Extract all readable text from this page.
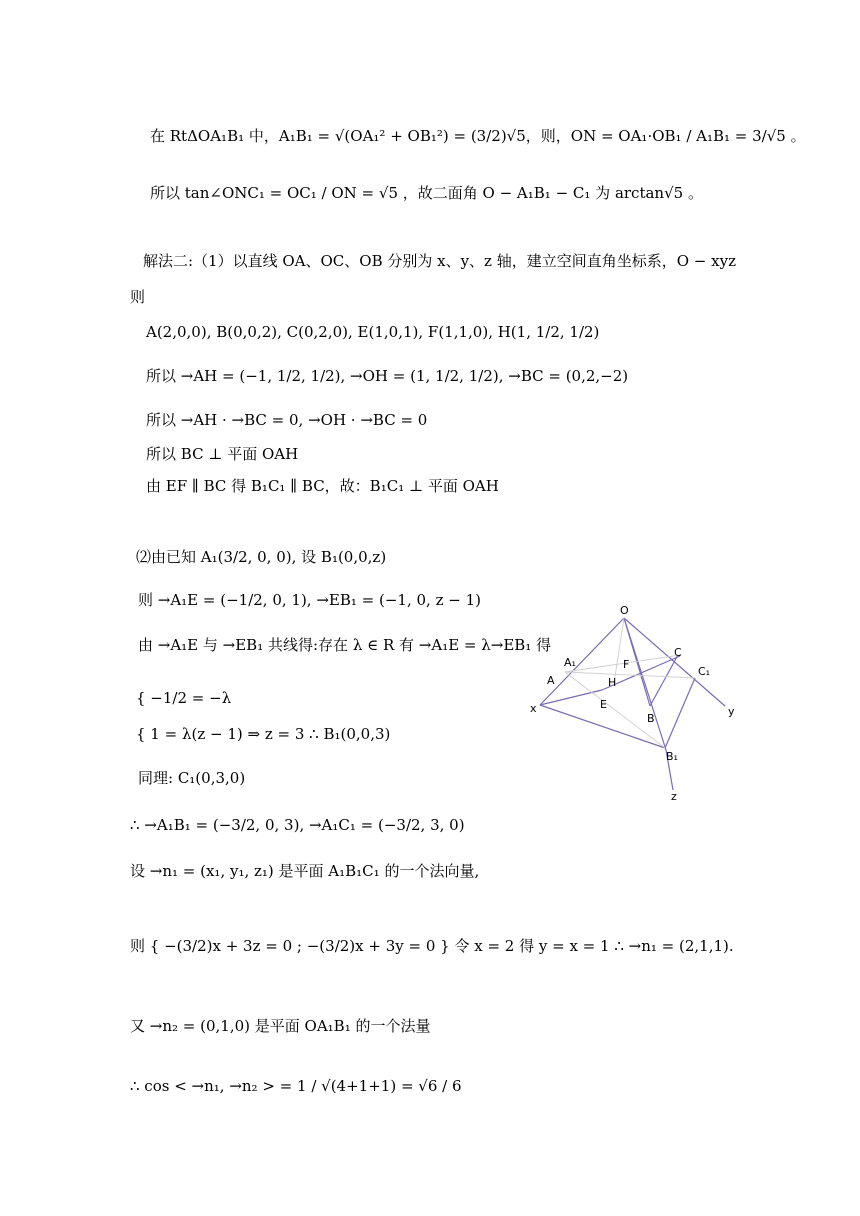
在 RtΔOA₁B₁ 中，A₁B₁ = √(OA₁² + OB₁²) = (3/2)√5，则，ON = OA₁·OB₁ / A₁B₁ = 3/√5 。
所以 tan∠ONC₁ = OC₁ / ON = √5 ，故二面角 O − A₁B₁ − C₁ 为 arctan√5 。
解法二:（1）以直线 OA、OC、OB 分别为 x、y、z 轴，建立空间直角坐标系，O − xyz
则
A(2,0,0), B(0,0,2), C(0,2,0), E(1,0,1), F(1,1,0), H(1, 1/2, 1/2)
所以 →AH = (−1, 1/2, 1/2), →OH = (1, 1/2, 1/2), →BC = (0,2,−2)
所以 →AH · →BC = 0, →OH · →BC = 0
所以 BC ⊥ 平面 OAH
由 EF ∥ BC 得 B₁C₁ ∥ BC，故：B₁C₁ ⊥ 平面 OAH
⑵由已知 A₁(3/2, 0, 0), 设 B₁(0,0,z)
则 →A₁E = (−1/2, 0, 1), →EB₁ = (−1, 0, z − 1)
由 →A₁E 与 →EB₁ 共线得:存在 λ ∈ R 有 →A₁E = λ→EB₁ 得
{ −1/2 = −λ
{ 1 = λ(z − 1) ⇒ z = 3 ∴ B₁(0,0,3)
同理: C₁(0,3,0)
∴ →A₁B₁ = (−3/2, 0, 3), →A₁C₁ = (−3/2, 3, 0)
设 →n₁ = (x₁, y₁, z₁) 是平面 A₁B₁C₁ 的一个法向量,
则 { −(3/2)x + 3z = 0 ; −(3/2)x + 3y = 0 } 令 x = 2 得 y = x = 1 ∴ →n₁ = (2,1,1).
又 →n₂ = (0,1,0) 是平面 OA₁B₁ 的一个法量
∴ cos < →n₁, →n₂ > = 1 / √(4+1+1) = √6 / 6
O
A₁	F
C
C₁
A	H
E
B
x	y
B₁
z
